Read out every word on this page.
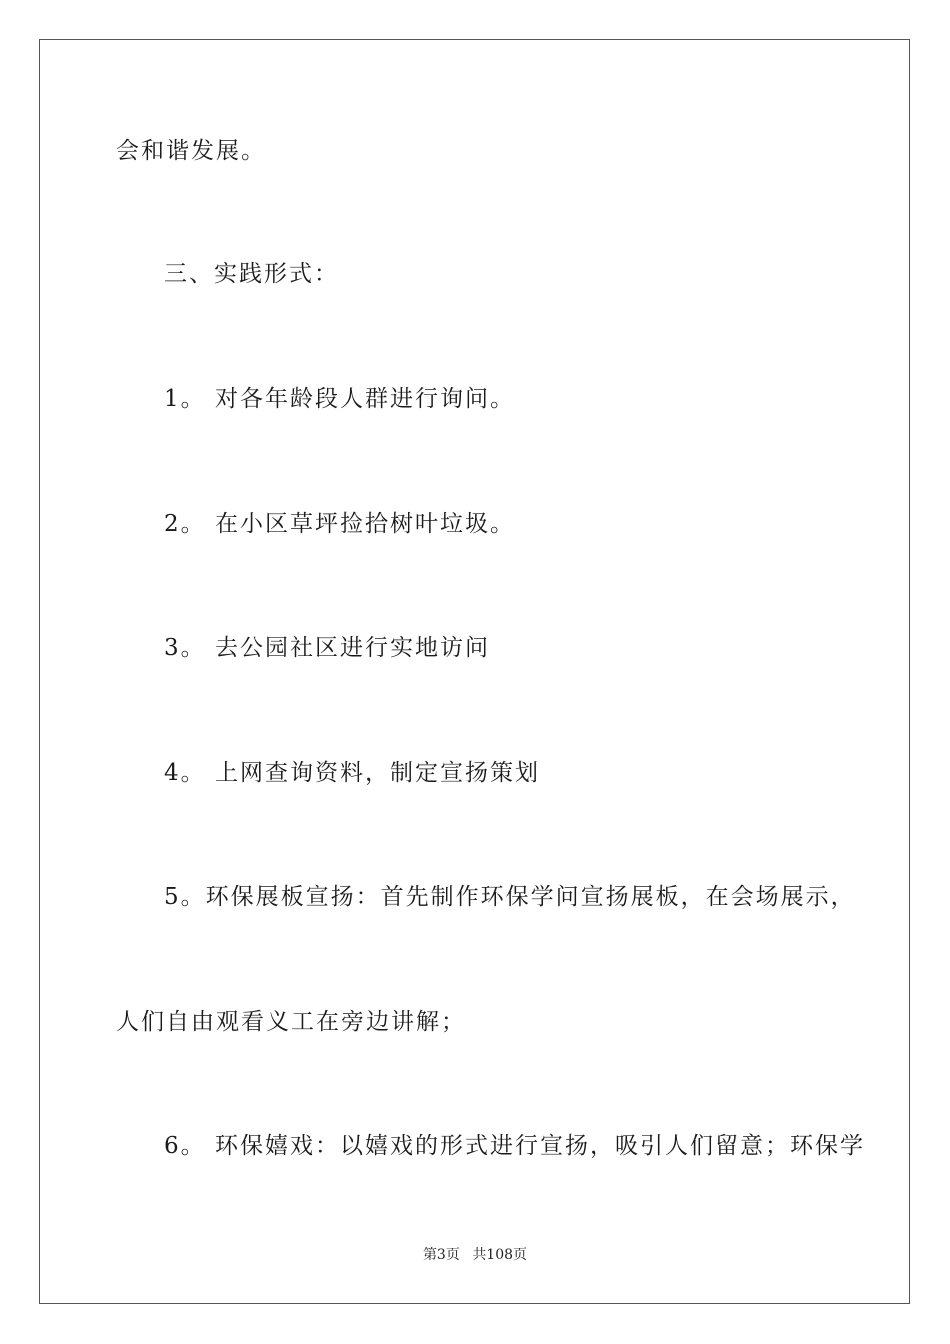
会和谐发展。
三、实践形式：
1。 对各年龄段人群进行询问。
2。 在小区草坪捡拾树叶垃圾。
3。 去公园社区进行实地访问
4。 上网查询资料，制定宣扬策划
5。环保展板宣扬：首先制作环保学问宣扬展板，在会场展示，
人们自由观看义工在旁边讲解；
6。 环保嬉戏：以嬉戏的形式进行宣扬，吸引人们留意；环保学
第3页 共108页
